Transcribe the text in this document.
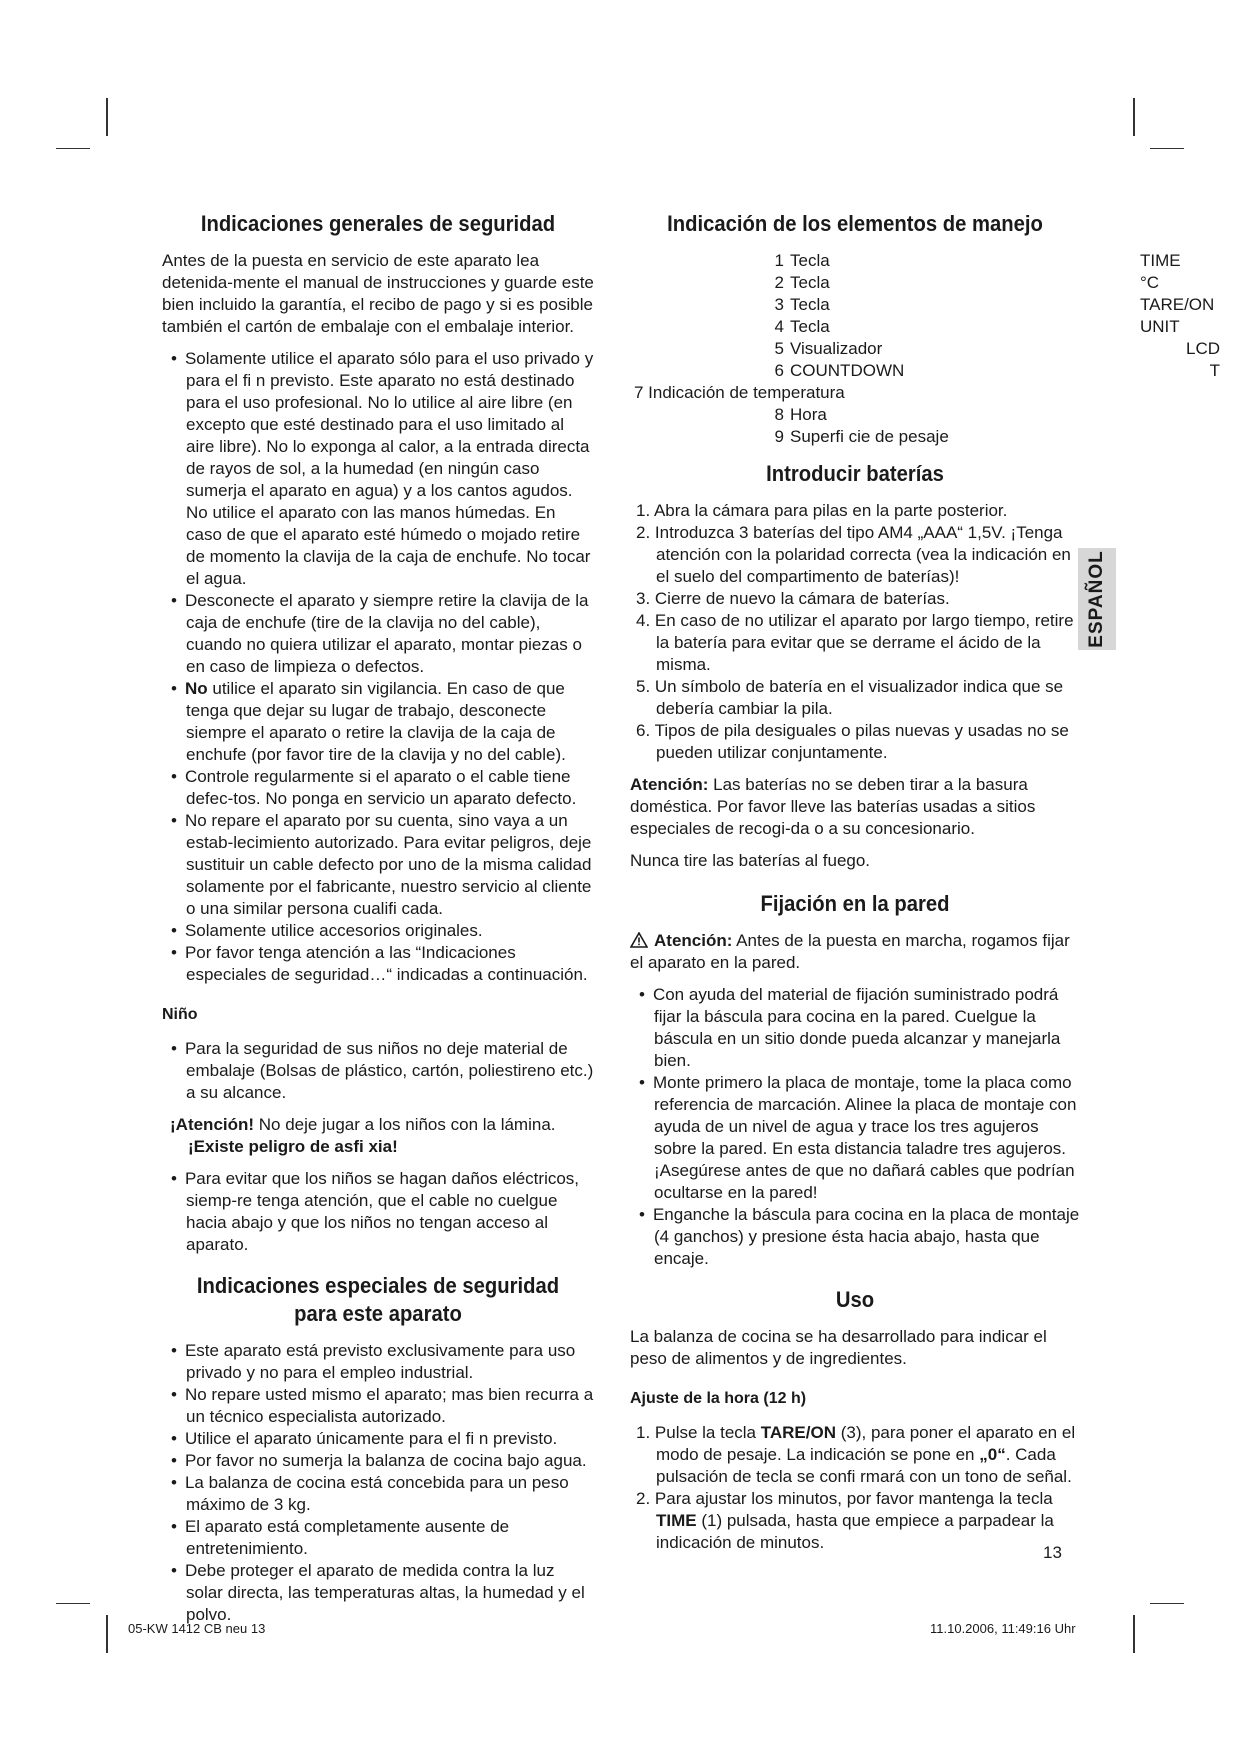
Indicaciones generales de seguridad

Antes de la puesta en servicio de este aparato lea detenida-mente el manual de instrucciones y guarde este bien incluido la garantía, el recibo de pago y si es posible también el cartón de embalaje con el embalaje interior.

• Solamente utilice el aparato sólo para el uso privado y para el fi n previsto. Este aparato no está destinado para el uso profesional. No lo utilice al aire libre (en excepto que esté destinado para el uso limitado al aire libre). No lo exponga al calor, a la entrada directa de rayos de sol, a la humedad (en ningún caso sumerja el aparato en agua) y a los cantos agudos. No utilice el aparato con las manos húmedas. En caso de que el aparato esté húmedo o mojado retire de momento la clavija de la caja de enchufe. No tocar el agua.
• Desconecte el aparato y siempre retire la clavija de la caja de enchufe (tire de la clavija no del cable), cuando no quiera utilizar el aparato, montar piezas o en caso de limpieza o defectos.
• No utilice el aparato sin vigilancia. En caso de que tenga que dejar su lugar de trabajo, desconecte siempre el aparato o retire la clavija de la caja de enchufe (por favor tire de la clavija y no del cable).
• Controle regularmente si el aparato o el cable tiene defec-tos. No ponga en servicio un aparato defecto.
• No repare el aparato por su cuenta, sino vaya a un estab-lecimiento autorizado. Para evitar peligros, deje sustituir un cable defecto por uno de la misma calidad solamente por el fabricante, nuestro servicio al cliente o una similar persona cualifi cada.
• Solamente utilice accesorios originales.
• Por favor tenga atención a las “Indicaciones especiales de seguridad…“ indicadas a continuación.
Niño
• Para la seguridad de sus niños no deje material de embalaje (Bolsas de plástico, cartón, poliestireno etc.) a su alcance.
¡Atención! No deje jugar a los niños con la lámina.
¡Existe peligro de asfi xia!
• Para evitar que los niños se hagan daños eléctricos, siemp-re tenga atención, que el cable no cuelgue hacia abajo y que los niños no tengan acceso al aparato.
Indicaciones especiales de seguridad para este aparato
• Este aparato está previsto exclusivamente para uso privado y no para el empleo industrial.
• No repare usted mismo el aparato; mas bien recurra a un técnico especialista autorizado.
• Utilice el aparato únicamente para el fi n previsto.
• Por favor no sumerja la balanza de cocina bajo agua.
• La balanza de cocina está concebida para un peso máximo de 3 kg.
• El aparato está completamente ausente de entretenimiento.
• Debe proteger el aparato de medida contra la luz solar directa, las temperaturas altas, la humedad y el polvo.
Indicación de los elementos de manejo
1 Tecla	TIME
2 Tecla	°C
3 Tecla	TARE/ON
4 Tecla	UNIT
5 Visualizador	LCD
6 COUNTDOWN	T
7 Indicación de temperatura
8 Hora
9 Superfi cie de pesaje
Introducir baterías
1. Abra la cámara para pilas en la parte posterior.
2. Introduzca 3 baterías del tipo AM4 „AAA“ 1,5V. ¡Tenga atención con la polaridad correcta (vea la indicación en el suelo del compartimento de baterías)!
3. Cierre de nuevo la cámara de baterías.
4. En caso de no utilizar el aparato por largo tiempo, retire la batería para evitar que se derrame el ácido de la misma.
5. Un símbolo de batería en el visualizador indica que se debería cambiar la pila.
6. Tipos de pila desiguales o pilas nuevas y usadas no se pueden utilizar conjuntamente.

Atención: Las baterías no se deben tirar a la basura doméstica. Por favor lleve las baterías usadas a sitios especiales de recogi-da o a su concesionario.

Nunca tire las baterías al fuego.

Fijación en la pared

Atención: Antes de la puesta en marcha, rogamos fijar el aparato en la pared.

• Con ayuda del material de fijación suministrado podrá fijar la báscula para cocina en la pared. Cuelgue la báscula en un sitio donde pueda alcanzar y manejarla bien.
• Monte primero la placa de montaje, tome la placa como referencia de marcación. Alinee la placa de montaje con ayuda de un nivel de agua y trace los tres agujeros sobre la pared. En esta distancia taladre tres agujeros. ¡Asegúrese antes de que no dañará cables que podrían ocultarse en la pared!
• Enganche la báscula para cocina en la placa de montaje (4 ganchos) y presione ésta hacia abajo, hasta que encaje.
Uso

La balanza de cocina se ha desarrollado para indicar el peso de alimentos y de ingredientes.

Ajuste de la hora (12 h)
1. Pulse la tecla TARE/ON (3), para poner el aparato en el modo de pesaje. La indicación se pone en „0“. Cada pulsación de tecla se confi rmará con un tono de señal.
2. Para ajustar los minutos, por favor mantenga la tecla TIME (1) pulsada, hasta que empiece a parpadear la indicación de minutos.
ESPAÑOL
13
05-KW 1412 CB neu 13	11.10.2006, 11:49:16 Uhr
